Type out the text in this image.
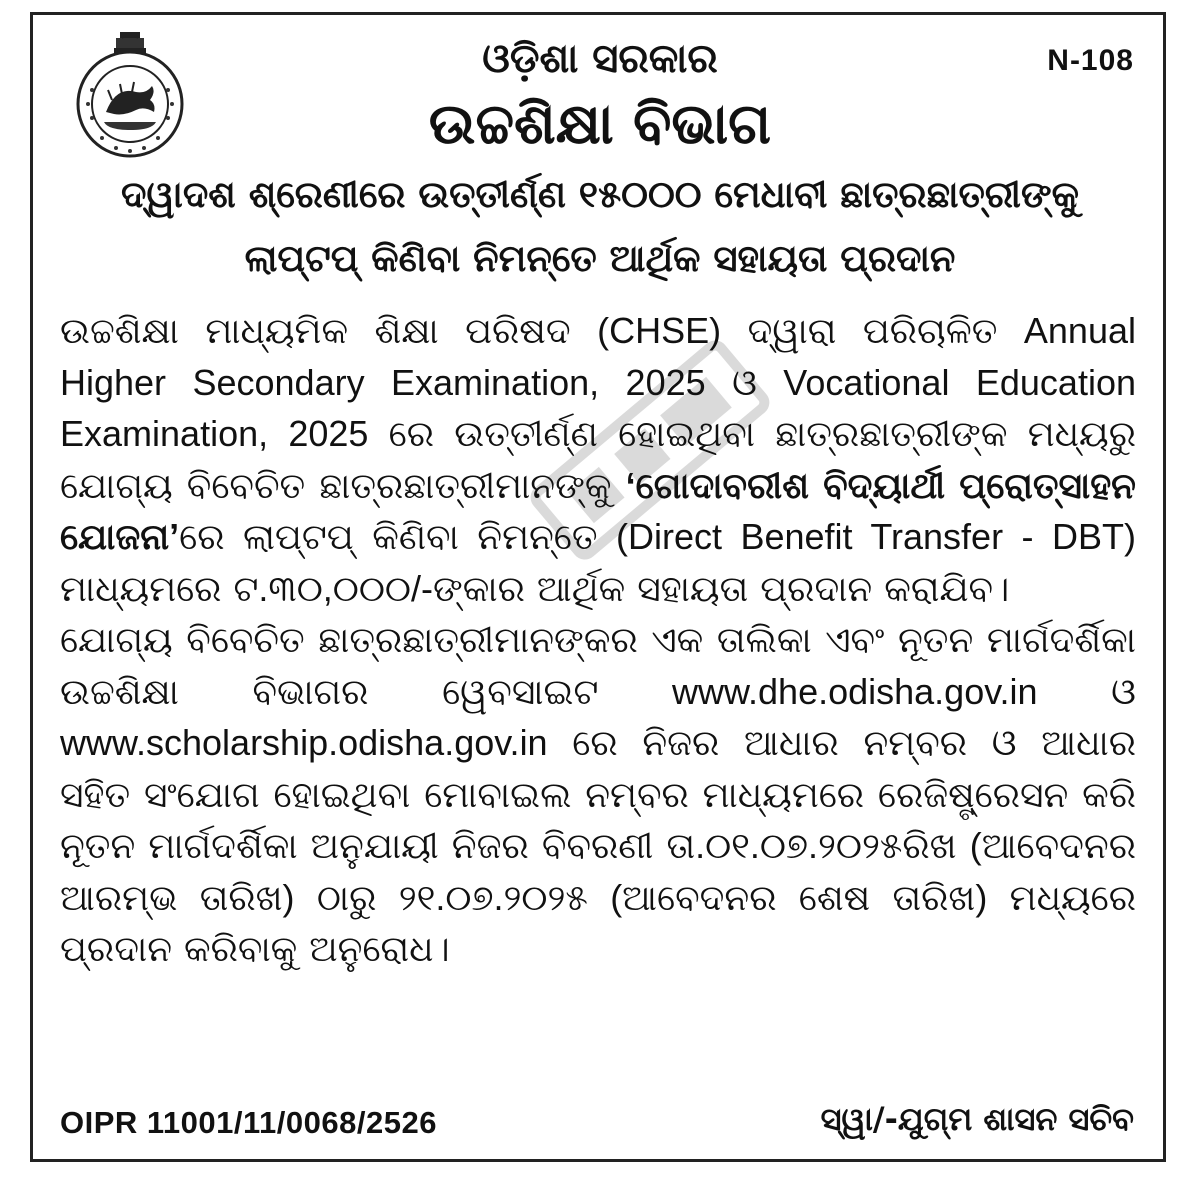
N-108
ଓଡ଼ିଶା ସରକାର
ଉଚ୍ଚଶିକ୍ଷା ବିଭାଗ
ଦ୍ୱାଦଶ ଶ୍ରେଣୀରେ ଉତ୍ତୀର୍ଣ୍ଣ ୧୫୦୦୦ ମେଧାବୀ ଛାତ୍ରଛାତ୍ରୀଙ୍କୁ
ଲାପ୍‌ଟପ୍ କିଣିବା ନିମନ୍ତେ ଆର୍ଥିକ ସହାୟତା ପ୍ରଦାନ

ଉଚ୍ଚଶିକ୍ଷା ମାଧ୍ୟମିକ ଶିକ୍ଷା ପରିଷଦ (CHSE) ଦ୍ୱାରା ପରିଚାଳିତ Annual Higher Secondary Examination, 2025 ଓ Vocational Education Examination, 2025 ରେ ଉତ୍ତୀର୍ଣ୍ଣ ହୋଇଥିବା ଛାତ୍ରଛାତ୍ରୀଙ୍କ ମଧ୍ୟରୁ ଯୋଗ୍ୟ ବିବେଚିତ ଛାତ୍ରଛାତ୍ରୀମାନଙ୍କୁ ‘ଗୋଦାବରୀଶ ବିଦ୍ୟାର୍ଥୀ ପ୍ରୋତ୍ସାହନ ଯୋଜନା’ରେ ଲାପ୍‌ଟପ୍ କିଣିବା ନିମନ୍ତେ (Direct Benefit Transfer - DBT) ମାଧ୍ୟମରେ ଟ.୩୦,୦୦୦/-ଙ୍କାର ଆର୍ଥିକ ସହାୟତା ପ୍ରଦାନ କରାଯିବ।

ଯୋଗ୍ୟ ବିବେଚିତ ଛାତ୍ରଛାତ୍ରୀମାନଙ୍କର ଏକ ତାଲିକା ଏବଂ ନୂତନ ମାର୍ଗଦର୍ଶିକା ଉଚ୍ଚଶିକ୍ଷା ବିଭାଗର ୱେବସାଇଟ www.dhe.odisha.gov.in ଓ www.scholarship.odisha.gov.in ରେ ନିଜର ଆଧାର ନମ୍ବର ଓ ଆଧାର ସହିତ ସଂଯୋଗ ହୋଇଥିବା ମୋବାଇଲ ନମ୍ବର ମାଧ୍ୟମରେ ରେଜିଷ୍ଟ୍ରେସନ କରି ନୂତନ ମାର୍ଗଦର୍ଶିକା ଅନୁଯାୟୀ ନିଜର ବିବରଣୀ ତା.୦୧.୦୭.୨୦୨୫ରିଖ (ଆବେଦନର ଆରମ୍ଭ ତାରିଖ) ଠାରୁ ୨୧.୦୭.୨୦୨୫ (ଆବେଦନର ଶେଷ ତାରିଖ) ମଧ୍ୟରେ ପ୍ରଦାନ କରିବାକୁ ଅନୁରୋଧ।

OIPR 11001/11/0068/2526	ସ୍ୱା/-ଯୁଗ୍ମ ଶାସନ ସଚିବ
